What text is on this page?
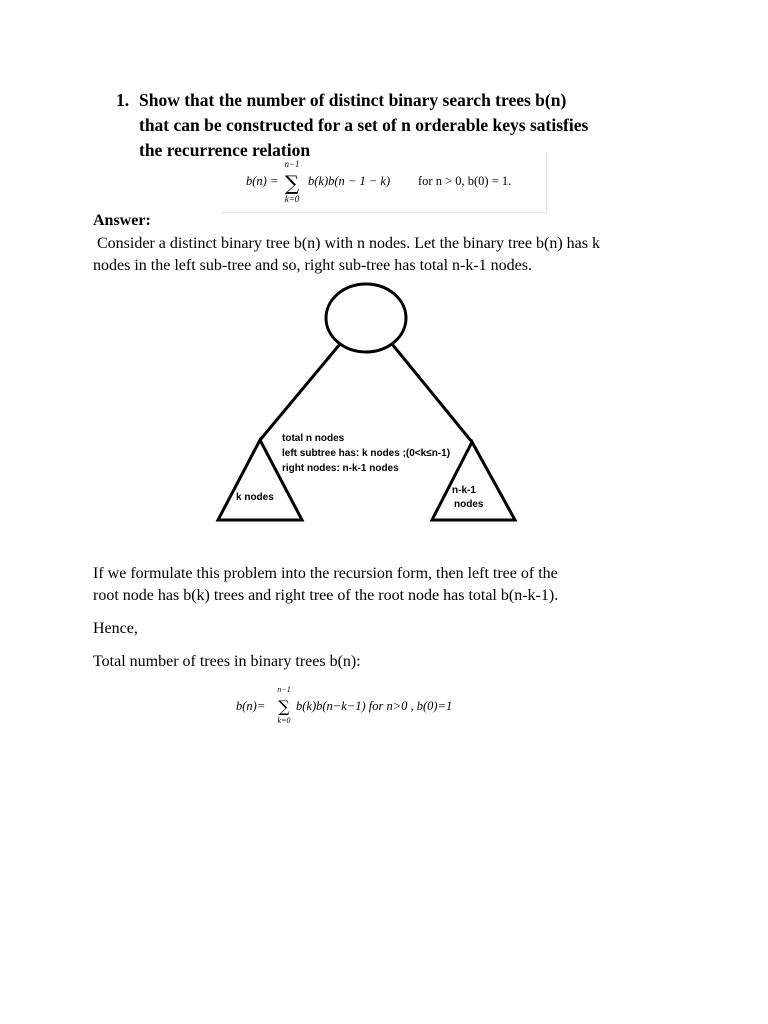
1. Show that the number of distinct binary search trees b(n)
that can be constructed for a set of n orderable keys satisfies
the recurrence relation
b(n) =
n−1
∑
k=0
b(k)b(n − 1 − k) for n > 0, b(0) = 1.
Answer:
Consider a distinct binary tree b(n) with n nodes. Let the binary tree b(n) has k
nodes in the left sub-tree and so, right sub-tree has total n-k-1 nodes.
total n nodes
left subtree has: k nodes ;(0<k≤n-1)
right nodes: n-k-1 nodes
k nodes
n-k-1
nodes
If we formulate this problem into the recursion form, then left tree of the
root node has b(k) trees and right tree of the root node has total b(n-k-1).
Hence,
Total number of trees in binary trees b(n):
b(n)=
n−1
∑
k=0
b(k)b(n−k−1) for n>0 , b(0)=1
